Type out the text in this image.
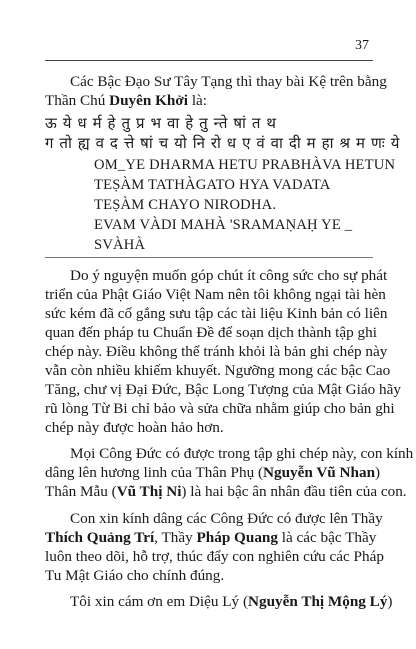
37
Các Bậc Đạo Sư Tây Tạng thì thay bài Kệ trên bằng
Thần Chú Duyên Khởi là:
ऊ ये ध र्म हे तु प्र भ वा हे तु न्ते षां त थ
ग तो ह्य व द त्ते षां च यो नि रो ध ए वं वा दी म हा श्र म णः ये
OM_YE DHARMA HETU PRABHÀVA HETUN
TEṢÀM TATHÀGATO HYA VADATA
TEṢÀM CHAYO NIRODHA.
EVAM VÀDI MAHÀ 'SRAMAṆAḤ YE _
SVÀHÀ
Do ý nguyện muốn góp chút ít công sức cho sự phát
triển của Phật Giáo Việt Nam nên tôi không ngại tài hèn
sức kém đã cố gắng sưu tập các tài liệu Kinh bản có liên
quan đến pháp tu Chuẩn Đề để soạn dịch thành tập ghi
chép này. Điều không thể tránh khỏi là bản ghi chép này
vẫn còn nhiều khiếm khuyết. Ngưỡng mong các bậc Cao
Tăng, chư vị Đại Đức, Bậc Long Tượng của Mật Giáo hãy
rũ lòng Từ Bi chỉ bảo và sửa chữa nhằm giúp cho bản ghi
chép này được hoàn hảo hơn.
Mọi Công Đức có được trong tập ghi chép này, con kính
dâng lên hương linh của Thân Phụ (Nguyễn Vũ Nhan)
Thân Mẫu (Vũ Thị Ni) là hai bậc ân nhân đầu tiên của con.
Con xin kính dâng các Công Đức có được lên Thầy
Thích Quảng Trí, Thầy Pháp Quang là các bậc Thầy
luôn theo dõi, hỗ trợ, thúc đẩy con nghiên cứu các Pháp
Tu Mật Giáo cho chính đúng.
Tôi xin cám ơn em Diệu Lý (Nguyễn Thị Mộng Lý)
